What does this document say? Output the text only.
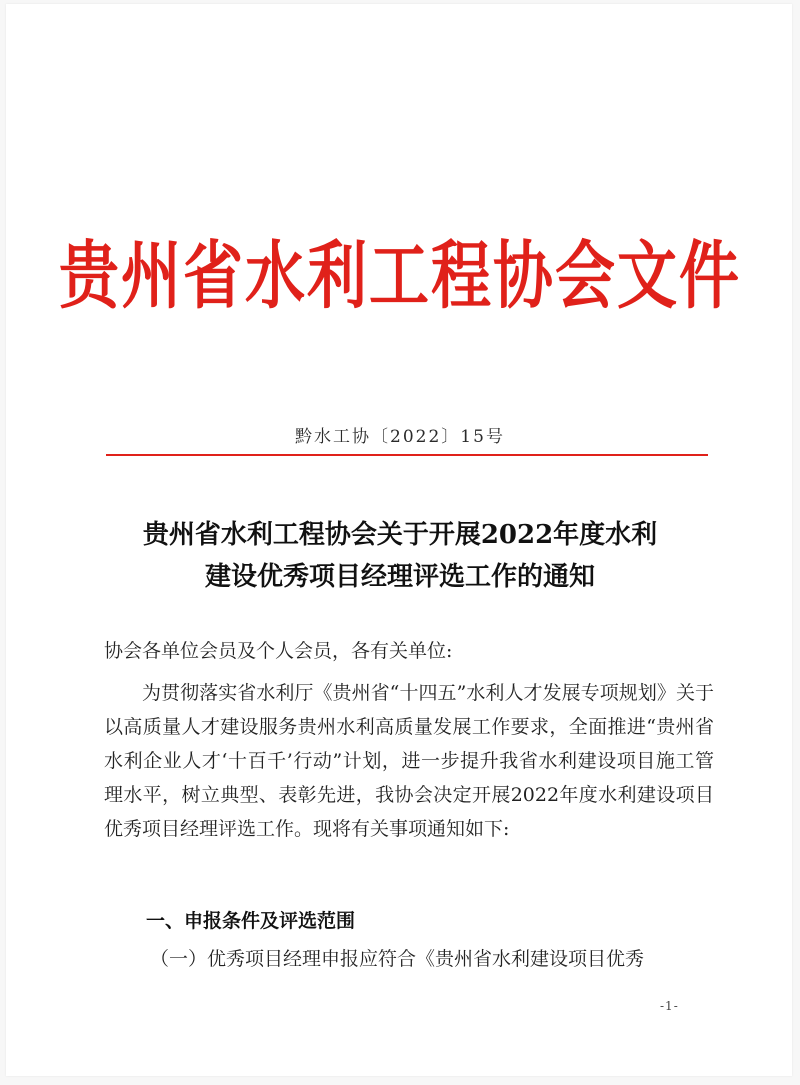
贵州省水利工程协会文件
黔水工协〔2022〕15号
贵州省水利工程协会关于开展2022年度水利
建设优秀项目经理评选工作的通知
协会各单位会员及个人会员，各有关单位:

为贯彻落实省水利厅《贵州省“十四五”水利人才发展专项规划》关于以高质量人才建设服务贵州水利高质量发展工作要求，全面推进“贵州省水利企业人才‘十百千’行动”计划，进一步提升我省水利建设项目施工管理水平，树立典型、表彰先进，我协会决定开展2022年度水利建设项目优秀项目经理评选工作。现将有关事项通知如下:

一、申报条件及评选范围
（一）优秀项目经理申报应符合《贵州省水利建设项目优秀
-1-
